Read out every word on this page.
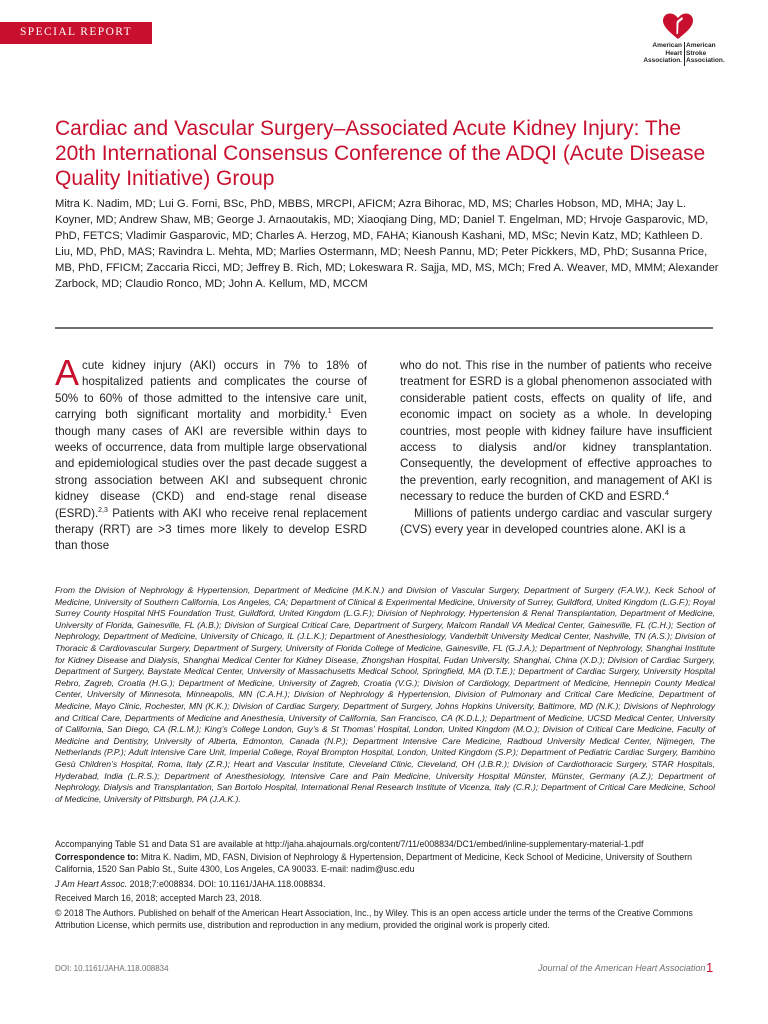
SPECIAL REPORT
American
Heart
Association.
American
Stroke
Association.
Cardiac and Vascular Surgery–Associated Acute Kidney Injury: The 20th International Consensus Conference of the ADQI (Acute Disease Quality Initiative) Group

Mitra K. Nadim, MD; Lui G. Forni, BSc, PhD, MBBS, MRCPI, AFICM; Azra Bihorac, MD, MS; Charles Hobson, MD, MHA; Jay L. Koyner, MD; Andrew Shaw, MB; George J. Arnaoutakis, MD; Xiaoqiang Ding, MD; Daniel T. Engelman, MD; Hrvoje Gasparovic, MD, PhD, FETCS; Vladimir Gasparovic, MD; Charles A. Herzog, MD, FAHA; Kianoush Kashani, MD, MSc; Nevin Katz, MD; Kathleen D. Liu, MD, PhD, MAS; Ravindra L. Mehta, MD; Marlies Ostermann, MD; Neesh Pannu, MD; Peter Pickkers, MD, PhD; Susanna Price, MB, PhD, FFICM; Zaccaria Ricci, MD; Jeffrey B. Rich, MD; Lokeswara R. Sajja, MD, MS, MCh; Fred A. Weaver, MD, MMM; Alexander Zarbock, MD; Claudio Ronco, MD; John A. Kellum, MD, MCCM

Acute kidney injury (AKI) occurs in 7% to 18% of hospitalized patients and complicates the course of 50% to 60% of those admitted to the intensive care unit, carrying both significant mortality and morbidity.$^1$ Even though many cases of AKI are reversible within days to weeks of occurrence, data from multiple large observational and epidemiological studies over the past decade suggest a strong association between AKI and subsequent chronic kidney disease (CKD) and end-stage renal disease (ESRD).$^{2,3}$ Patients with AKI who receive renal replacement therapy (RRT) are >3 times more likely to develop ESRD than those

who do not. This rise in the number of patients who receive treatment for ESRD is a global phenomenon associated with considerable patient costs, effects on quality of life, and economic impact on society as a whole. In developing countries, most people with kidney failure have insufficient access to dialysis and/or kidney transplantation. Consequently, the development of effective approaches to the prevention, early recognition, and management of AKI is necessary to reduce the burden of CKD and ESRD.$^4$

Millions of patients undergo cardiac and vascular surgery (CVS) every year in developed countries alone. AKI is a

From the Division of Nephrology & Hypertension, Department of Medicine (M.K.N.) and Division of Vascular Surgery, Department of Surgery (F.A.W.), Keck School of Medicine, University of Southern California, Los Angeles, CA; Department of Clinical & Experimental Medicine, University of Surrey, Guildford, United Kingdom (L.G.F.); Royal Surrey County Hospital NHS Foundation Trust, Guildford, United Kingdom (L.G.F.); Division of Nephrology, Hypertension & Renal Transplantation, Department of Medicine, University of Florida, Gainesville, FL (A.B.); Division of Surgical Critical Care, Department of Surgery, Malcom Randall VA Medical Center, Gainesville, FL (C.H.); Section of Nephrology, Department of Medicine, University of Chicago, IL (J.L.K.); Department of Anesthesiology, Vanderbilt University Medical Center, Nashville, TN (A.S.); Division of Thoracic & Cardiovascular Surgery, Department of Surgery, University of Florida College of Medicine, Gainesville, FL (G.J.A.); Department of Nephrology, Shanghai Institute for Kidney Disease and Dialysis, Shanghai Medical Center for Kidney Disease, Zhongshan Hospital, Fudan University, Shanghai, China (X.D.); Division of Cardiac Surgery, Department of Surgery, Baystate Medical Center, University of Massachusetts Medical School, Springfield, MA (D.T.E.); Department of Cardiac Surgery, University Hospital Rebro, Zagreb, Croatia (H.G.); Department of Medicine, University of Zagreb, Croatia (V.G.); Division of Cardiology, Department of Medicine, Hennepin County Medical Center, University of Minnesota, Minneapolis, MN (C.A.H.); Division of Nephrology & Hypertension, Division of Pulmonary and Critical Care Medicine, Department of Medicine, Mayo Clinic, Rochester, MN (K.K.); Division of Cardiac Surgery, Department of Surgery, Johns Hopkins University, Baltimore, MD (N.K.); Divisions of Nephrology and Critical Care, Departments of Medicine and Anesthesia, University of California, San Francisco, CA (K.D.L.); Department of Medicine, UCSD Medical Center, University of California, San Diego, CA (R.L.M.); King’s College London, Guy’s & St Thomas’ Hospital, London, United Kingdom (M.O.); Division of Critical Care Medicine, Faculty of Medicine and Dentistry, University of Alberta, Edmonton, Canada (N.P.); Department Intensive Care Medicine, Radboud University Medical Center, Nijmegen, The Netherlands (P.P.); Adult Intensive Care Unit, Imperial College, Royal Brompton Hospital, London, United Kingdom (S.P.); Department of Pediatric Cardiac Surgery, Bambino Gesù Children’s Hospital, Roma, Italy (Z.R.); Heart and Vascular Institute, Cleveland Clinic, Cleveland, OH (J.B.R.); Division of Cardiothoracic Surgery, STAR Hospitals, Hyderabad, India (L.R.S.); Department of Anesthesiology, Intensive Care and Pain Medicine, University Hospital Münster, Münster, Germany (A.Z.); Department of Nephrology, Dialysis and Transplantation, San Bortolo Hospital, International Renal Research Institute of Vicenza, Italy (C.R.); Department of Critical Care Medicine, School of Medicine, University of Pittsburgh, PA (J.A.K.).

Accompanying Table S1 and Data S1 are available at http://jaha.ahajournals.org/content/7/11/e008834/DC1/embed/inline-supplementary-material-1.pdf

Correspondence to: Mitra K. Nadim, MD, FASN, Division of Nephrology & Hypertension, Department of Medicine, Keck School of Medicine, University of Southern California, 1520 San Pablo St., Suite 4300, Los Angeles, CA 90033. E-mail: nadim@usc.edu

J Am Heart Assoc. 2018;7:e008834. DOI: 10.1161/JAHA.118.008834.

Received March 16, 2018; accepted March 23, 2018.

© 2018 The Authors. Published on behalf of the American Heart Association, Inc., by Wiley. This is an open access article under the terms of the Creative Commons Attribution License, which permits use, distribution and reproduction in any medium, provided the original work is properly cited.

DOI: 10.1161/JAHA.118.008834	Journal of the American Heart Association 1
